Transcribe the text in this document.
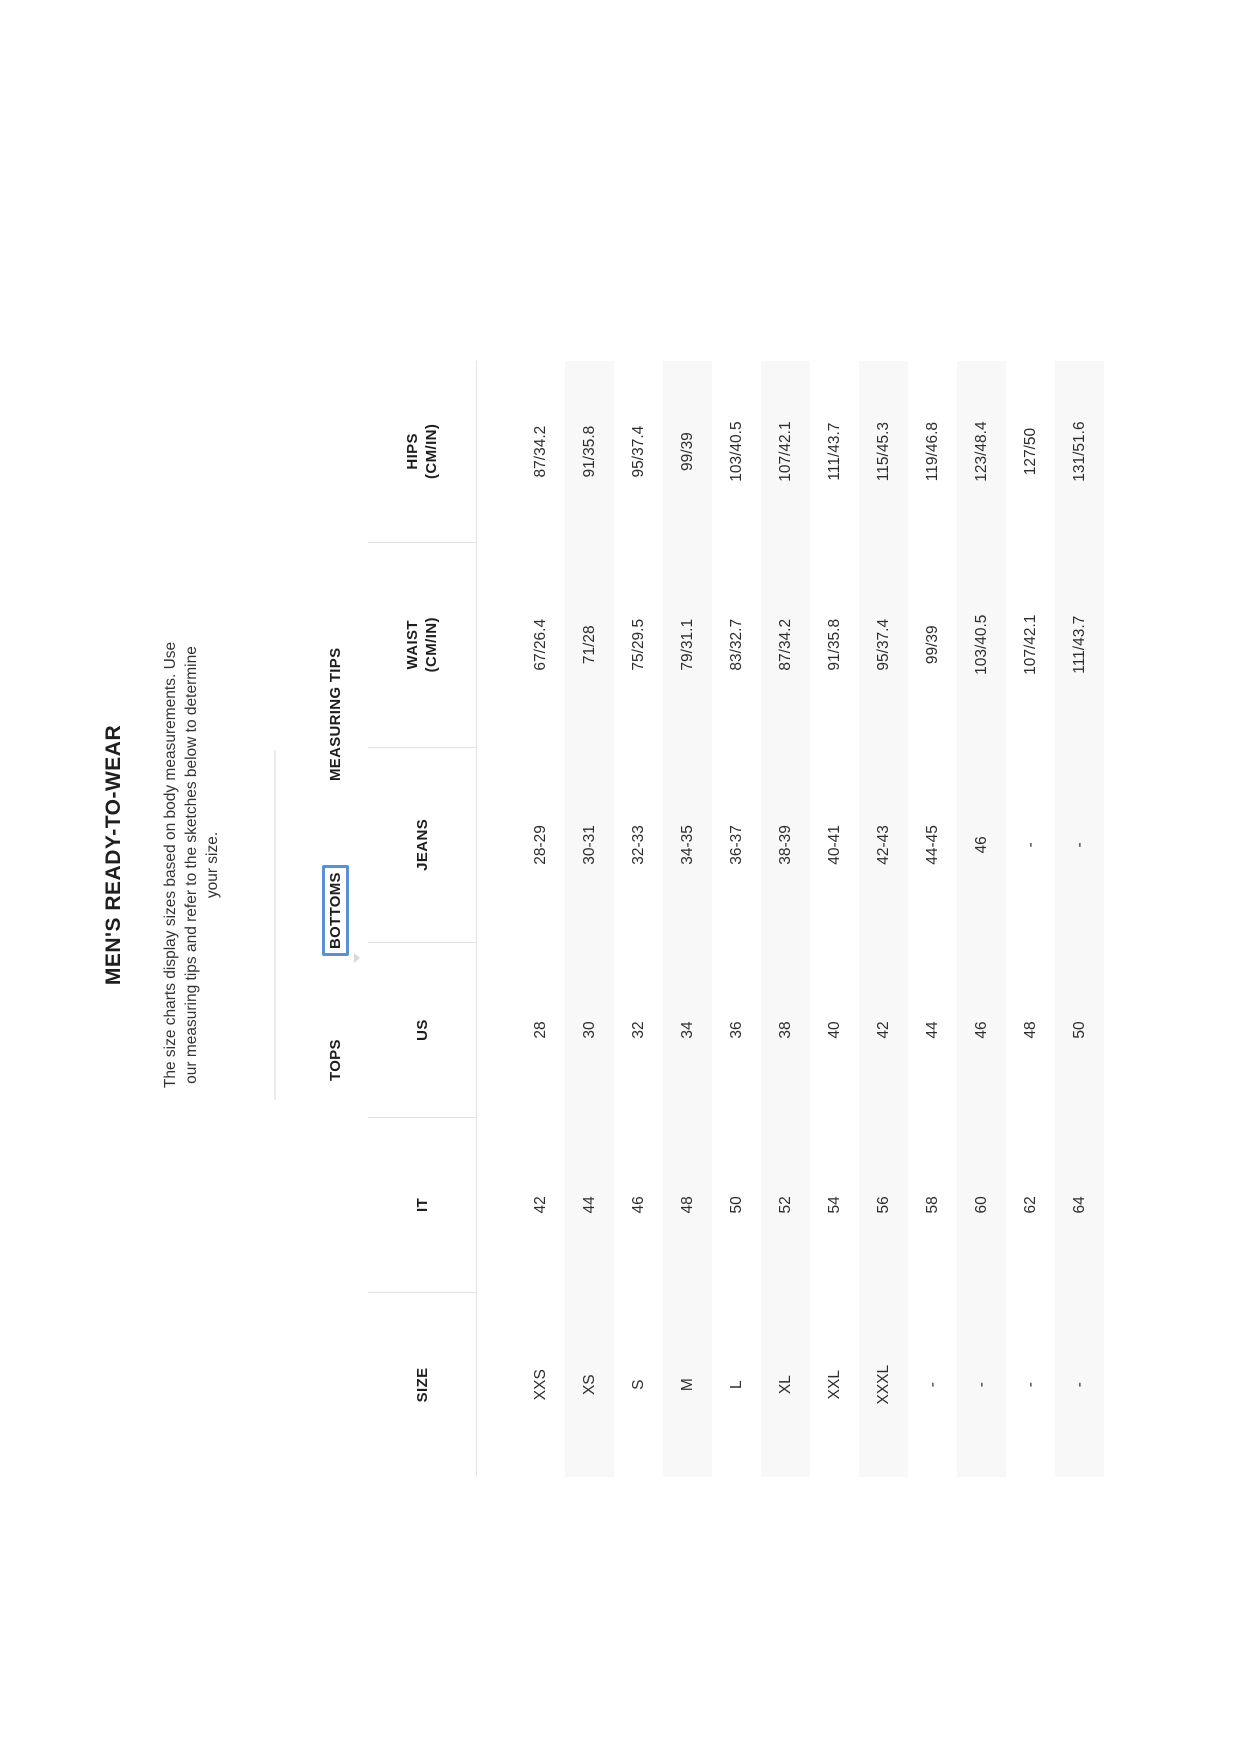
MEN'S READY-TO-WEAR The size charts display sizes based on body measurements. Use our measuring tips and refer to the sketches below to determine your size.

TOPS
BOTTOMS
MEASURING TIPS
SIZE	IT	US	JEANS	WAIST (CM/IN)	HIPS (CM/IN)

XXS	42	28	28-29	67/26.4	87/34.2
XS	44	30	30-31	71/28	91/35.8
S	46	32	32-33	75/29.5	95/37.4
M	48	34	34-35	79/31.1	99/39
L	50	36	36-37	83/32.7	103/40.5
XL	52	38	38-39	87/34.2	107/42.1
XXL	54	40	40-41	91/35.8	111/43.7
XXXL	56	42	42-43	95/37.4	115/45.3
-	58	44	44-45	99/39	119/46.8
-	60	46	46	103/40.5	123/48.4
-	62	48	-	107/42.1	127/50
-	64	50	-	111/43.7	131/51.6
